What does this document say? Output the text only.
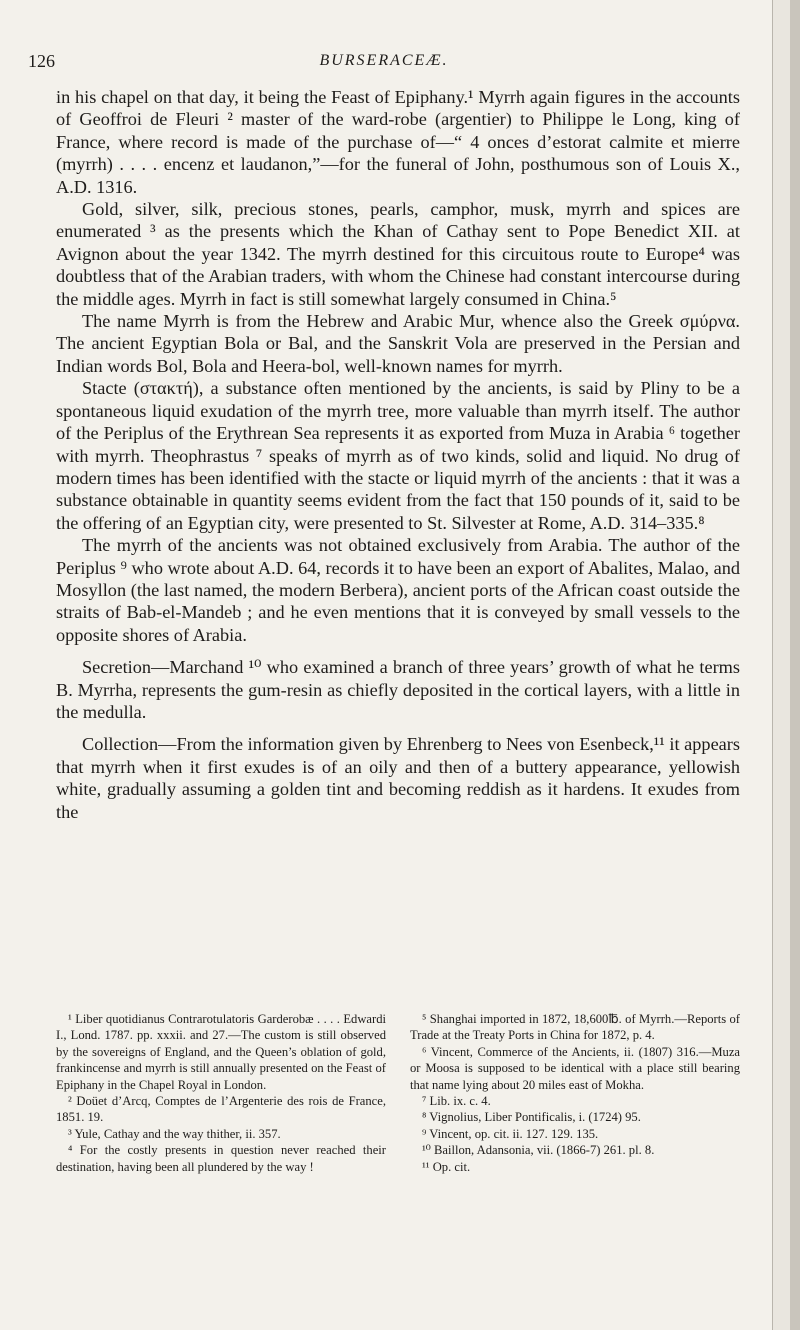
126	BURSERACEÆ.

in his chapel on that day, it being the Feast of Epiphany.¹ Myrrh again figures in the accounts of Geoffroi de Fleuri ² master of the ward-robe (argentier) to Philippe le Long, king of France, where record is made of the purchase of—“ 4 onces d’estorat calmite et mierre (myrrh) . . . . encenz et laudanon,”—for the funeral of John, posthumous son of Louis X., A.D. 1316.

Gold, silver, silk, precious stones, pearls, camphor, musk, myrrh and spices are enumerated ³ as the presents which the Khan of Cathay sent to Pope Benedict XII. at Avignon about the year 1342. The myrrh destined for this circuitous route to Europe⁴ was doubtless that of the Arabian traders, with whom the Chinese had constant intercourse during the middle ages. Myrrh in fact is still somewhat largely consumed in China.⁵

The name Myrrh is from the Hebrew and Arabic Mur, whence also the Greek σμύρνα. The ancient Egyptian Bola or Bal, and the Sanskrit Vola are preserved in the Persian and Indian words Bol, Bola and Heera-bol, well-known names for myrrh.

Stacte (στακτή), a substance often mentioned by the ancients, is said by Pliny to be a spontaneous liquid exudation of the myrrh tree, more valuable than myrrh itself. The author of the Periplus of the Erythrean Sea represents it as exported from Muza in Arabia ⁶ together with myrrh. Theophrastus ⁷ speaks of myrrh as of two kinds, solid and liquid. No drug of modern times has been identified with the stacte or liquid myrrh of the ancients : that it was a substance obtainable in quantity seems evident from the fact that 150 pounds of it, said to be the offering of an Egyptian city, were presented to St. Silvester at Rome, A.D. 314–335.⁸

The myrrh of the ancients was not obtained exclusively from Arabia. The author of the Periplus ⁹ who wrote about A.D. 64, records it to have been an export of Abalites, Malao, and Mosyllon (the last named, the modern Berbera), ancient ports of the African coast outside the straits of Bab-el-Mandeb ; and he even mentions that it is conveyed by small vessels to the opposite shores of Arabia.

Secretion—Marchand ¹⁰ who examined a branch of three years’ growth of what he terms B. Myrrha, represents the gum-resin as chiefly deposited in the cortical layers, with a little in the medulla.

Collection—From the information given by Ehrenberg to Nees von Esenbeck,¹¹ it appears that myrrh when it first exudes is of an oily and then of a buttery appearance, yellowish white, gradually assuming a golden tint and becoming reddish as it hardens. It exudes from the

¹ Liber quotidianus Contrarotulatoris Garderobæ . . . . Edwardi I., Lond. 1787. pp. xxxii. and 27.—The custom is still observed by the sovereigns of England, and the Queen’s oblation of gold, frankincense and myrrh is still annually presented on the Feast of Epiphany in the Chapel Royal in London.

² Doüet d’Arcq, Comptes de l’Argenterie des rois de France, 1851. 19.

³ Yule, Cathay and the way thither, ii. 357.

⁴ For the costly presents in question never reached their destination, having been all plundered by the way !

⁵ Shanghai imported in 1872, 18,600℔. of Myrrh.—Reports of Trade at the Treaty Ports in China for 1872, p. 4.

⁶ Vincent, Commerce of the Ancients, ii. (1807) 316.—Muza or Moosa is supposed to be identical with a place still bearing that name lying about 20 miles east of Mokha.

⁷ Lib. ix. c. 4.

⁸ Vignolius, Liber Pontificalis, i. (1724) 95.

⁹ Vincent, op. cit. ii. 127. 129. 135.

¹⁰ Baillon, Adansonia, vii. (1866-7) 261. pl. 8.

¹¹ Op. cit.
